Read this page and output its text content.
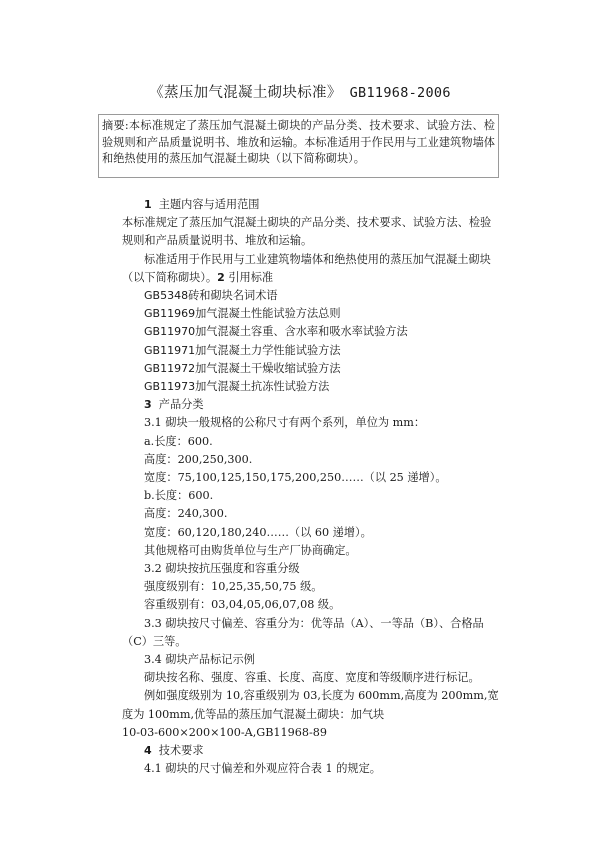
《蒸压加气混凝土砌块标准》 GB11968-2006
摘要:本标准规定了蒸压加气混凝土砌块的产品分类、技术要求、试验方法、检验规则和产品质量说明书、堆放和运输。本标准适用于作民用与工业建筑物墙体和绝热使用的蒸压加气混凝土砌块（以下简称砌块）。

1 主题内容与适用范围

本标准规定了蒸压加气混凝土砌块的产品分类、技术要求、试验方法、检验规则和产品质量说明书、堆放和运输。

标准适用于作民用与工业建筑物墙体和绝热使用的蒸压加气混凝土砌块（以下简称砌块）。2 引用标准

GB5348砖和砌块名词术语

GB11969加气混凝土性能试验方法总则

GB11970加气混凝土容重、含水率和吸水率试验方法

GB11971加气混凝土力学性能试验方法

GB11972加气混凝土干燥收缩试验方法

GB11973加气混凝土抗冻性试验方法

3 产品分类

3.1 砌块一般规格的公称尺寸有两个系列，单位为 mm：

a.长度：600.

高度：200,250,300.

宽度：75,100,125,150,175,200,250……（以 25 递增）。

b.长度：600.

高度：240,300.

宽度：60,120,180,240……（以 60 递增）。

其他规格可由购货单位与生产厂协商确定。

3.2 砌块按抗压强度和容重分级

强度级别有：10,25,35,50,75 级。

容重级别有：03,04,05,06,07,08 级。

3.3 砌块按尺寸偏差、容重分为：优等品（A）、一等品（B）、合格品（C）三等。

3.4 砌块产品标记示例

砌块按名称、强度、容重、长度、高度、宽度和等级顺序进行标记。

例如强度级别为 10,容重级别为 03,长度为 600mm,高度为 200mm,宽度为 100mm,优等品的蒸压加气混凝土砌块：加气块

10-03-600×200×100-A,GB11968-89

4 技术要求

4.1 砌块的尺寸偏差和外观应符合表 1 的规定。
